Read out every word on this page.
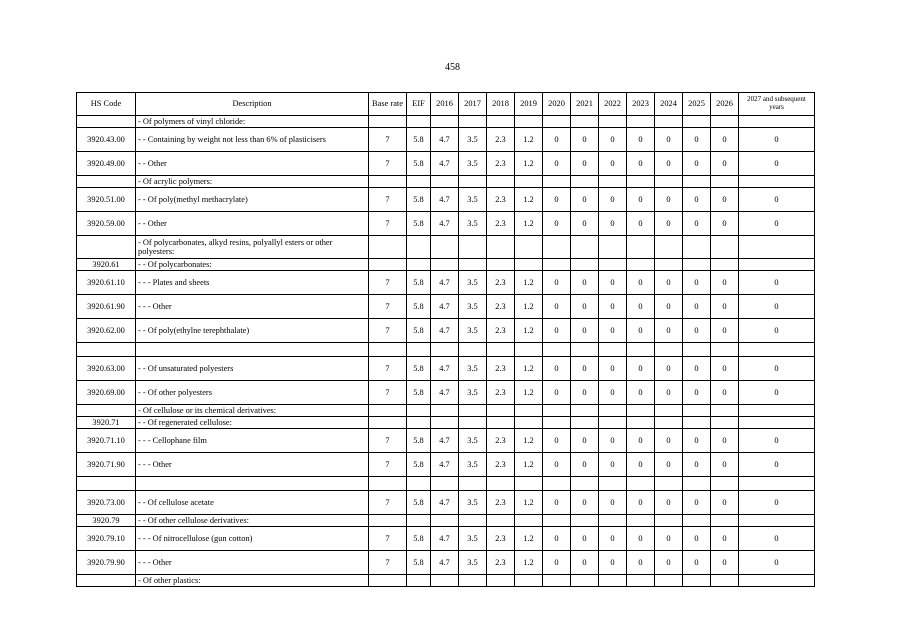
458
HS Code	Description	Base rate	EIF	2016	2017	2018	2019	2020	2021	2022	2023	2024	2025	2026	2027 and subsequent years
	- Of polymers of vinyl chloride:														
3920.43.00	- - Containing by weight not less than 6% of plasticisers	7	5.8	4.7	3.5	2.3	1.2	0	0	0	0	0	0	0	0
3920.49.00	- - Other	7	5.8	4.7	3.5	2.3	1.2	0	0	0	0	0	0	0	0
	- Of acrylic polymers:														
3920.51.00	- - Of poly(methyl methacrylate)	7	5.8	4.7	3.5	2.3	1.2	0	0	0	0	0	0	0	0
3920.59.00	- - Other	7	5.8	4.7	3.5	2.3	1.2	0	0	0	0	0	0	0	0
	- Of polycarbonates, alkyd resins, polyallyl esters or other polyesters:														
3920.61	- - Of polycarbonates:														
3920.61.10	- - - Plates and sheets	7	5.8	4.7	3.5	2.3	1.2	0	0	0	0	0	0	0	0
3920.61.90	- - - Other	7	5.8	4.7	3.5	2.3	1.2	0	0	0	0	0	0	0	0
3920.62.00	- - Of poly(ethylne terephthalate)	7	5.8	4.7	3.5	2.3	1.2	0	0	0	0	0	0	0	0

3920.63.00	- - Of unsaturated polyesters	7	5.8	4.7	3.5	2.3	1.2	0	0	0	0	0	0	0	0
3920.69.00	- - Of other polyesters	7	5.8	4.7	3.5	2.3	1.2	0	0	0	0	0	0	0	0
	- Of cellulose or its chemical derivatives:														
3920.71	- - Of regenerated cellulose:														
3920.71.10	- - - Cellophane film	7	5.8	4.7	3.5	2.3	1.2	0	0	0	0	0	0	0	0
3920.71.90	- - - Other	7	5.8	4.7	3.5	2.3	1.2	0	0	0	0	0	0	0	0

3920.73.00	- - Of cellulose acetate	7	5.8	4.7	3.5	2.3	1.2	0	0	0	0	0	0	0	0
3920.79	- - Of other cellulose derivatives:														
3920.79.10	- - - Of nitrocellulose (gun cotton)	7	5.8	4.7	3.5	2.3	1.2	0	0	0	0	0	0	0	0
3920.79.90	- - - Other	7	5.8	4.7	3.5	2.3	1.2	0	0	0	0	0	0	0	0
	- Of other plastics:														
